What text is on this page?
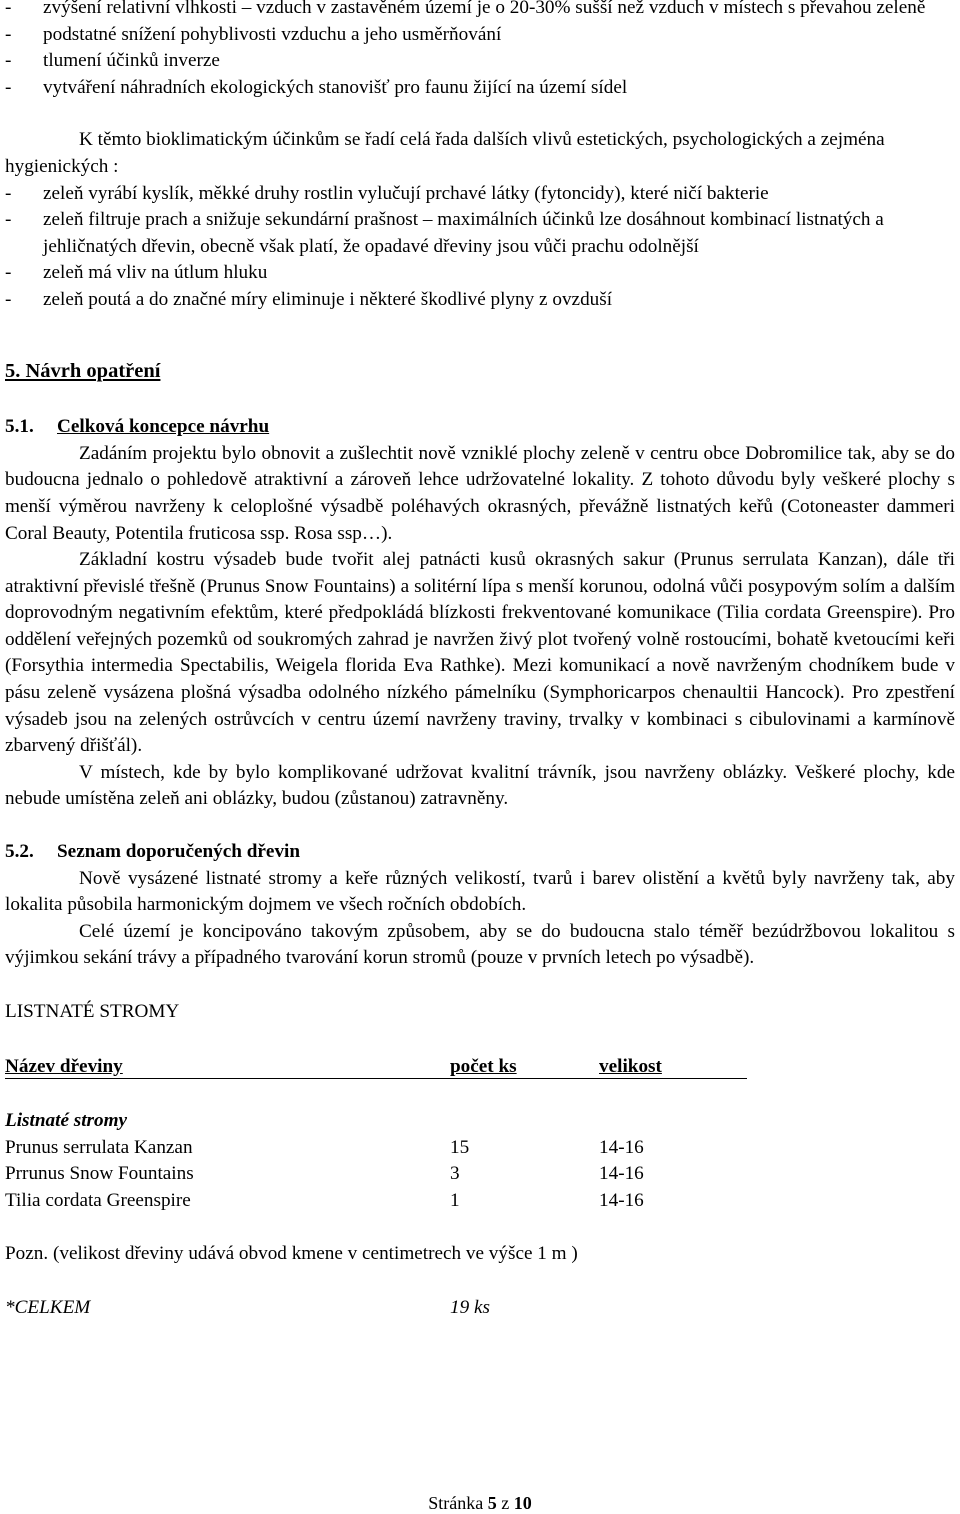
- zvýšení relativní vlhkosti – vzduch v zastavěném území je o 20-30% sušší než vzduch v místech s převahou zeleně

- podstatné snížení pohyblivosti vzduchu a jeho usměrňování

- tlumení účinků inverze

- vytváření náhradních ekologických stanovišť pro faunu žijící na území sídel

K těmto bioklimatickým účinkům se řadí celá řada dalších vlivů estetických, psychologických a zejména hygienických :

- zeleň vyrábí kyslík, měkké druhy rostlin vylučují prchavé látky (fytoncidy), které ničí bakterie

- zeleň filtruje prach a snižuje sekundární prašnost – maximálních účinků lze dosáhnout kombinací listnatých a jehličnatých dřevin, obecně však platí, že opadavé dřeviny jsou vůči prachu odolnější

- zeleň má vliv na útlum hluku

- zeleň poutá a do značné míry eliminuje i některé škodlivé plyny z ovzduší

5. Návrh opatření
5.1. Celková koncepce návrhu

Zadáním projektu bylo obnovit a zušlechtit nově vzniklé plochy zeleně v centru obce Dobromilice tak, aby se do budoucna jednalo o pohledově atraktivní a zároveň lehce udržovatelné lokality. Z tohoto důvodu byly veškeré plochy s menší výměrou navrženy k celoplošné výsadbě poléhavých okrasných, převážně listnatých keřů (Cotoneaster dammeri Coral Beauty, Potentila fruticosa ssp. Rosa ssp…).

Základní kostru výsadeb bude tvořit alej patnácti kusů okrasných sakur (Prunus serrulata Kanzan), dále tři atraktivní převislé třešně (Prunus Snow Fountains) a solitérní lípa s menší korunou, odolná vůči posypovým solím a dalším doprovodným negativním efektům, které předpokládá blízkosti frekventované komunikace (Tilia cordata Greenspire). Pro oddělení veřejných pozemků od soukromých zahrad je navržen živý plot tvořený volně rostoucími, bohatě kvetoucími keři (Forsythia intermedia Spectabilis, Weigela florida Eva Rathke). Mezi komunikací a nově navrženým chodníkem bude v pásu zeleně vysázena plošná výsadba odolného nízkého pámelníku (Symphoricarpos chenaultii Hancock). Pro zpestření výsadeb jsou na zelených ostrůvcích v centru území navrženy traviny, trvalky v kombinaci s cibulovinami a karmínově zbarvený dřišťál).

V místech, kde by bylo komplikované udržovat kvalitní trávník, jsou navrženy oblázky. Veškeré plochy, kde nebude umístěna zeleň ani oblázky, budou (zůstanou) zatravněny.

5.2. Seznam doporučených dřevin

Nově vysázené listnaté stromy a keře různých velikostí, tvarů i barev olistění a květů byly navrženy tak, aby lokalita působila harmonickým dojmem ve všech ročních obdobích.

Celé území je koncipováno takovým způsobem, aby se do budoucna stalo téměř bezúdržbovou lokalitou s výjimkou sekání trávy a případného tvarování korun stromů (pouze v prvních letech po výsadbě).

LISTNATÉ STROMY

Název dřeviny	počet ks	velikost
Listnaté stromy
Prunus serrulata Kanzan	15	14-16
Prrunus Snow Fountains	3	14-16
Tilia cordata Greenspire	1	14-16

Pozn. (velikost dřeviny udává obvod kmene v centimetrech ve výšce 1 m )

*CELKEM	19 ks
Stránka 5 z 10
